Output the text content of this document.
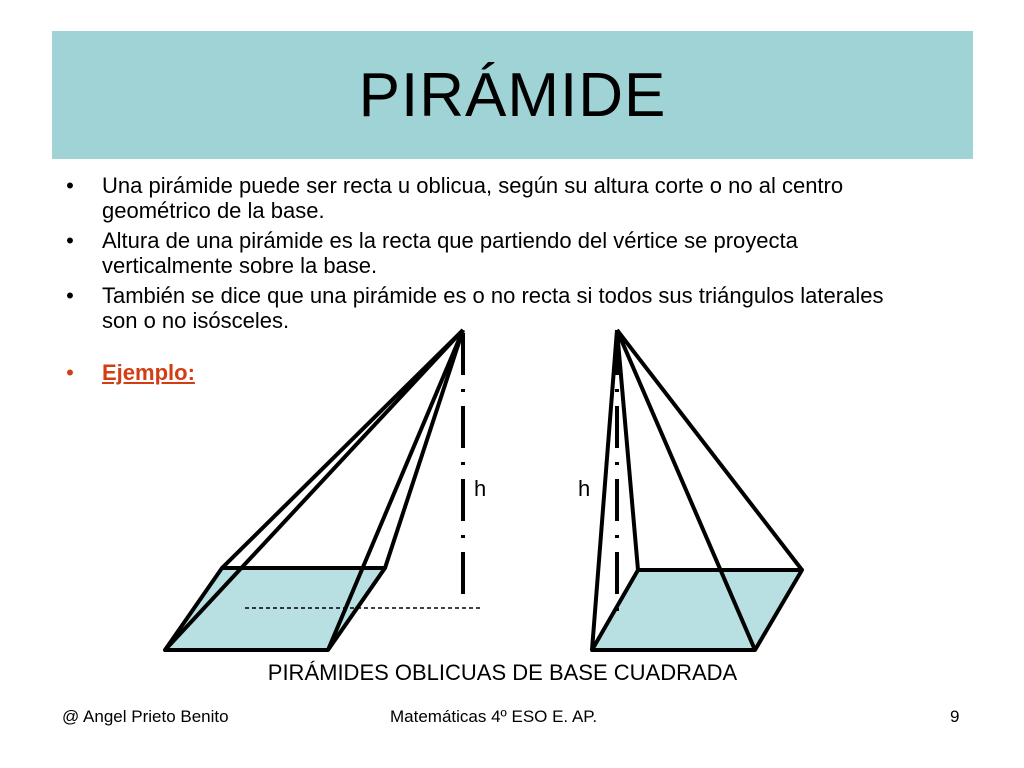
PIRÁMIDE
• Una pirámide puede ser recta u oblicua, según su altura corte o no al centro geométrico de la base.
• Altura de una pirámide es la recta que partiendo del vértice se proyecta verticalmente sobre la base.
• También se dice que una pirámide es o no recta si todos sus triángulos laterales son o no isósceles.
• Ejemplo:
h	h
PIRÁMIDES OBLICUAS DE BASE CUADRADA
@ Angel Prieto Benito	Matemáticas 4º ESO E. AP.	9
